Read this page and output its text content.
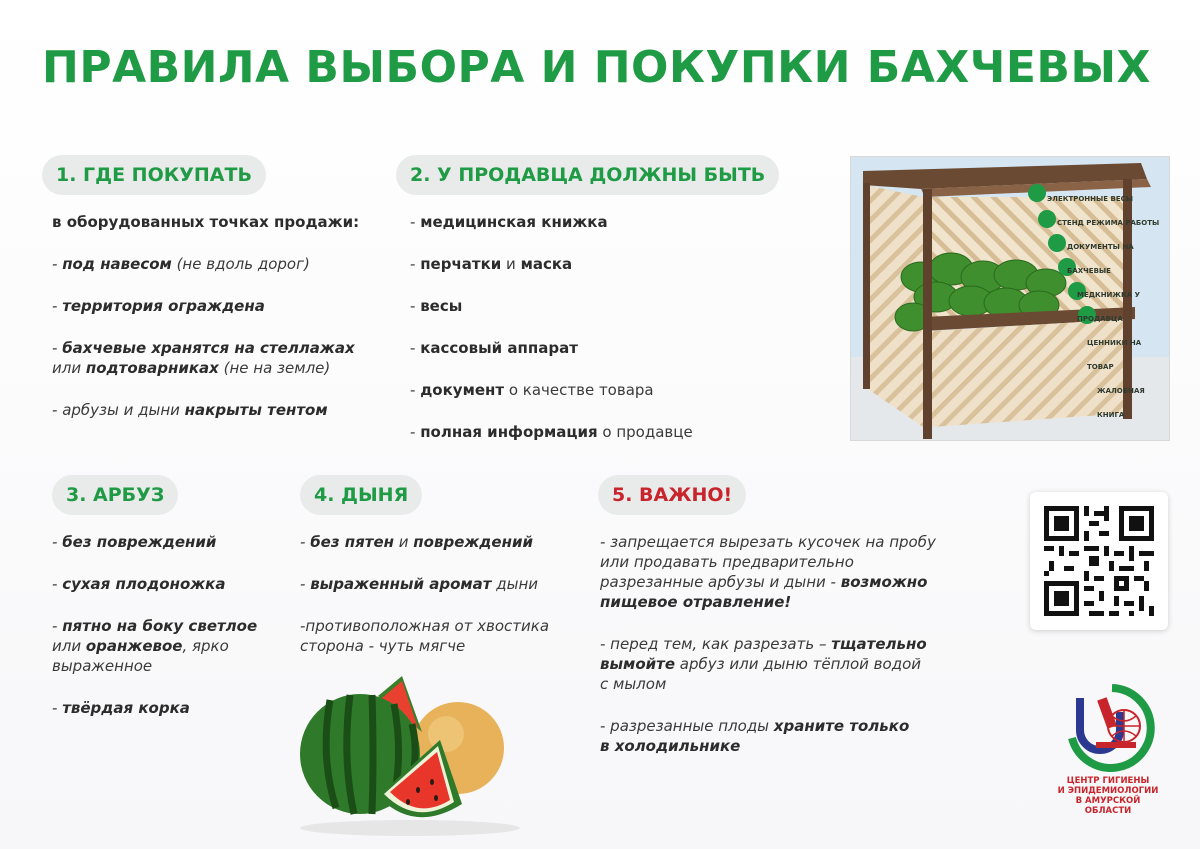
ПРАВИЛА ВЫБОРА И ПОКУПКИ БАХЧЕВЫХ
1. ГДЕ ПОКУПАТЬ
в оборудованных точках продажи:
- под навесом (не вдоль дорог)
- территория ограждена
- бахчевые хранятся на стеллажах
или подтоварниках (не на земле)
- арбузы и дыни накрыты тентом
2. У ПРОДАВЦА ДОЛЖНЫ БЫТЬ
- медицинская книжка
- перчатки и маска
- весы
- кассовый аппарат
- документ о качестве товара
- полная информация о продавце
ЭЛЕКТРОННЫЕ ВЕСЫ
СТЕНД РЕЖИМА РАБОТЫ
ДОКУМЕНТЫ НА БАХЧЕВЫЕ
МЕДКНИЖКА У ПРОДАВЦА
ЦЕННИКИ НА ТОВАР
ЖАЛОБНАЯ КНИГА
3. АРБУЗ
- без повреждений
- сухая плодоножка
- пятно на боку светлое
или оранжевое, ярко
выраженное
- твёрдая корка
4. ДЫНЯ
- без пятен и повреждений
- выраженный аромат дыни
-противоположная от хвостика
сторона - чуть мягче
5. ВАЖНО!
- запрещается вырезать кусочек на пробу
или продавать предварительно
разрезанные арбузы и дыни - возможно
пищевое отравление!
- перед тем, как разрезать – тщательно
вымойте арбуз или дыню тёплой водой
с мылом
- разрезанные плоды храните только
в холодильнике
ЦЕНТР ГИГИЕНЫ
И ЭПИДЕМИОЛОГИИ
В АМУРСКОЙ ОБЛАСТИ
